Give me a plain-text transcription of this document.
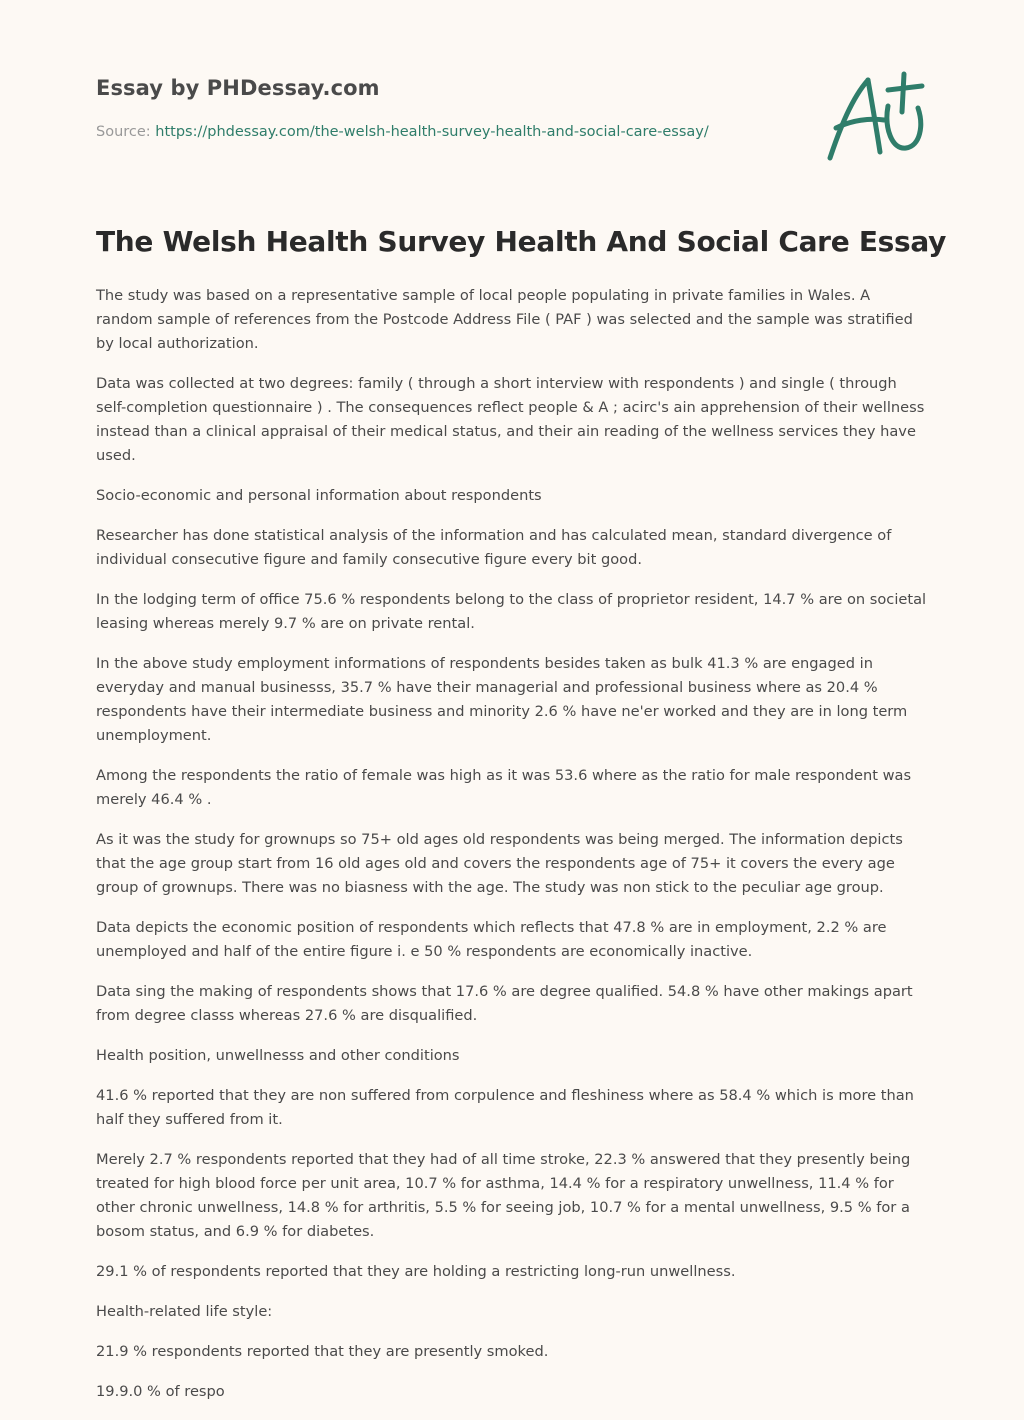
Essay by PHDessay.com
Source: https://phdessay.com/the-welsh-health-survey-health-and-social-care-essay/
The Welsh Health Survey Health And Social Care Essay

The study was based on a representative sample of local people populating in private families in Wales. A random sample of references from the Postcode Address File ( PAF ) was selected and the sample was stratified by local authorization.

Data was collected at two degrees: family ( through a short interview with respondents ) and single ( through self-completion questionnaire ) . The consequences reflect people & A ; acirc's ain apprehension of their wellness instead than a clinical appraisal of their medical status, and their ain reading of the wellness services they have used.

Socio-economic and personal information about respondents

Researcher has done statistical analysis of the information and has calculated mean, standard divergence of individual consecutive figure and family consecutive figure every bit good.

In the lodging term of office 75.6 % respondents belong to the class of proprietor resident, 14.7 % are on societal leasing whereas merely 9.7 % are on private rental.

In the above study employment informations of respondents besides taken as bulk 41.3 % are engaged in everyday and manual businesss, 35.7 % have their managerial and professional business where as 20.4 % respondents have their intermediate business and minority 2.6 % have ne'er worked and they are in long term unemployment.

Among the respondents the ratio of female was high as it was 53.6 where as the ratio for male respondent was merely 46.4 % .

As it was the study for grownups so 75+ old ages old respondents was being merged. The information depicts that the age group start from 16 old ages old and covers the respondents age of 75+ it covers the every age group of grownups. There was no biasness with the age. The study was non stick to the peculiar age group.

Data depicts the economic position of respondents which reflects that 47.8 % are in employment, 2.2 % are unemployed and half of the entire figure i. e 50 % respondents are economically inactive.

Data sing the making of respondents shows that 17.6 % are degree qualified. 54.8 % have other makings apart from degree classs whereas 27.6 % are disqualified.

Health position, unwellnesss and other conditions

41.6 % reported that they are non suffered from corpulence and fleshiness where as 58.4 % which is more than half they suffered from it.

Merely 2.7 % respondents reported that they had of all time stroke, 22.3 % answered that they presently being treated for high blood force per unit area, 10.7 % for asthma, 14.4 % for a respiratory unwellness, 11.4 % for other chronic unwellness, 14.8 % for arthritis, 5.5 % for seeing job, 10.7 % for a mental unwellness, 9.5 % for a bosom status, and 6.9 % for diabetes.

29.1 % of respondents reported that they are holding a restricting long-run unwellness.

Health-related life style:

21.9 % respondents reported that they are presently smoked.

19.9.0 % of respo
